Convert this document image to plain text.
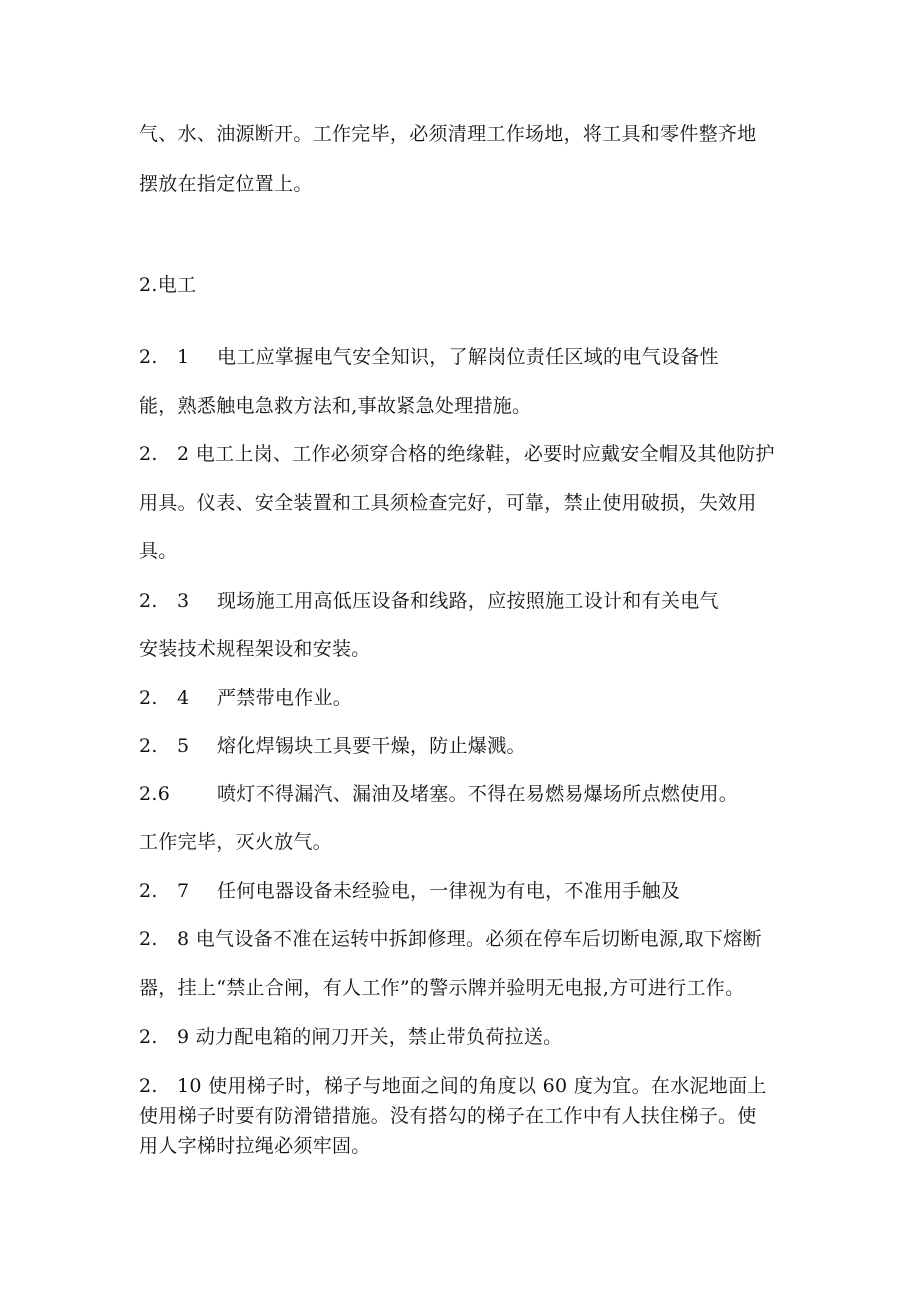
气、水、油源断开。工作完毕，必须清理工作场地，将工具和零件整齐地
摆放在指定位置上。
2.电工
2.　1 电工应掌握电气安全知识，了解岗位责任区域的电气设备性
能，熟悉触电急救方法和,事故紧急处理措施。
2.　2 电工上岗、工作必须穿合格的绝缘鞋，必要时应戴安全帽及其他防护
用具。仪表、安全装置和工具须检查完好，可靠，禁止使用破损，失效用
具。
2.　3 现场施工用高低压设备和线路，应按照施工设计和有关电气
安装技术规程架设和安装。
2.　4 严禁带电作业。
2.　5 熔化焊锡块工具要干燥，防止爆溅。
2.6 喷灯不得漏汽、漏油及堵塞。不得在易燃易爆场所点燃使用。
工作完毕，灭火放气。
2.　7 任何电器设备未经验电，一律视为有电，不准用手触及
2.　8 电气设备不准在运转中拆卸修理。必须在停车后切断电源,取下熔断
器，挂上“禁止合闸，有人工作”的警示牌并验明无电报,方可进行工作。
2.　9 动力配电箱的闸刀开关，禁止带负荷拉送。
2.　10 使用梯子时，梯子与地面之间的角度以 60 度为宜。在水泥地面上
使用梯子时要有防滑错措施。没有搭勾的梯子在工作中有人扶住梯子。使
用人字梯时拉绳必须牢固。
